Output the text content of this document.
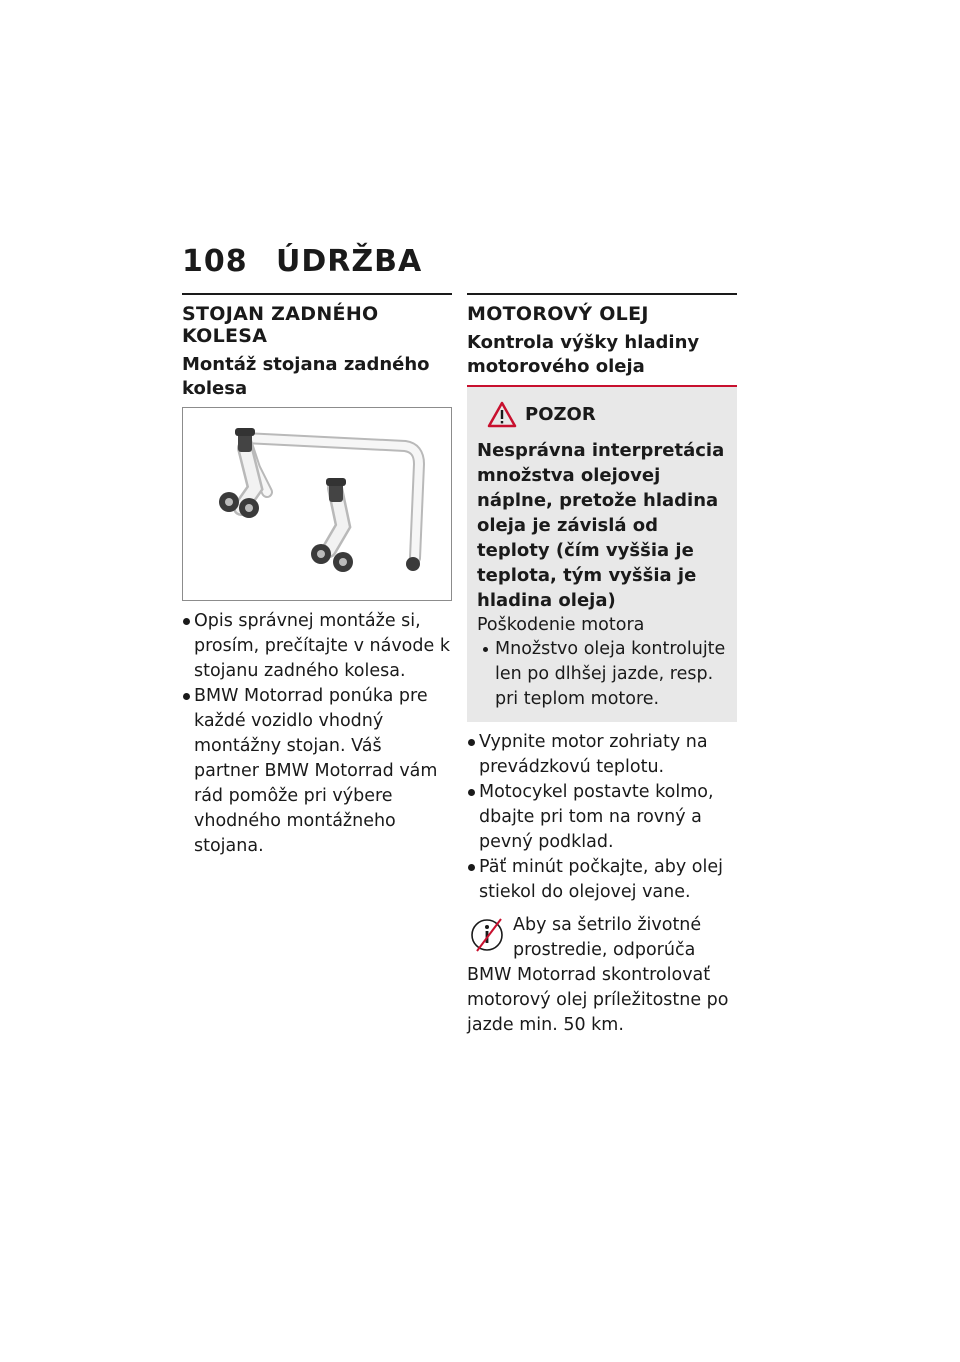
108 ÚDRŽBA
STOJAN ZADNÉHO KOLESA
Montáž stojana zadného kolesa
Opis správnej montáže si, prosím, prečítajte v návode k stojanu zadného kolesa.
BMW Motorrad ponúka pre každé vozidlo vhodný montážny stojan. Váš partner BMW Motorrad vám rád pomôže pri výbere vhodného montážneho stojana.
MOTOROVÝ OLEJ
Kontrola výšky hladiny motorového oleja
POZOR
Nesprávna interpretácia množstva olejovej náplne, pretože hladina oleja je závislá od teploty (čím vyššia je teplota, tým vyššia je hladina oleja)
Poškodenie motora
Množstvo oleja kontrolujte len po dlhšej jazde, resp. pri teplom motore.
Vypnite motor zohriaty na prevádzkovú teplotu.
Motocykel postavte kolmo, dbajte pri tom na rovný a pevný podklad.
Päť minút počkajte, aby olej stiekol do olejovej vane.
Aby sa šetrilo životné prostredie, odporúča BMW Motorrad skontrolovať motorový olej príležitostne po jazde min. 50 km.
